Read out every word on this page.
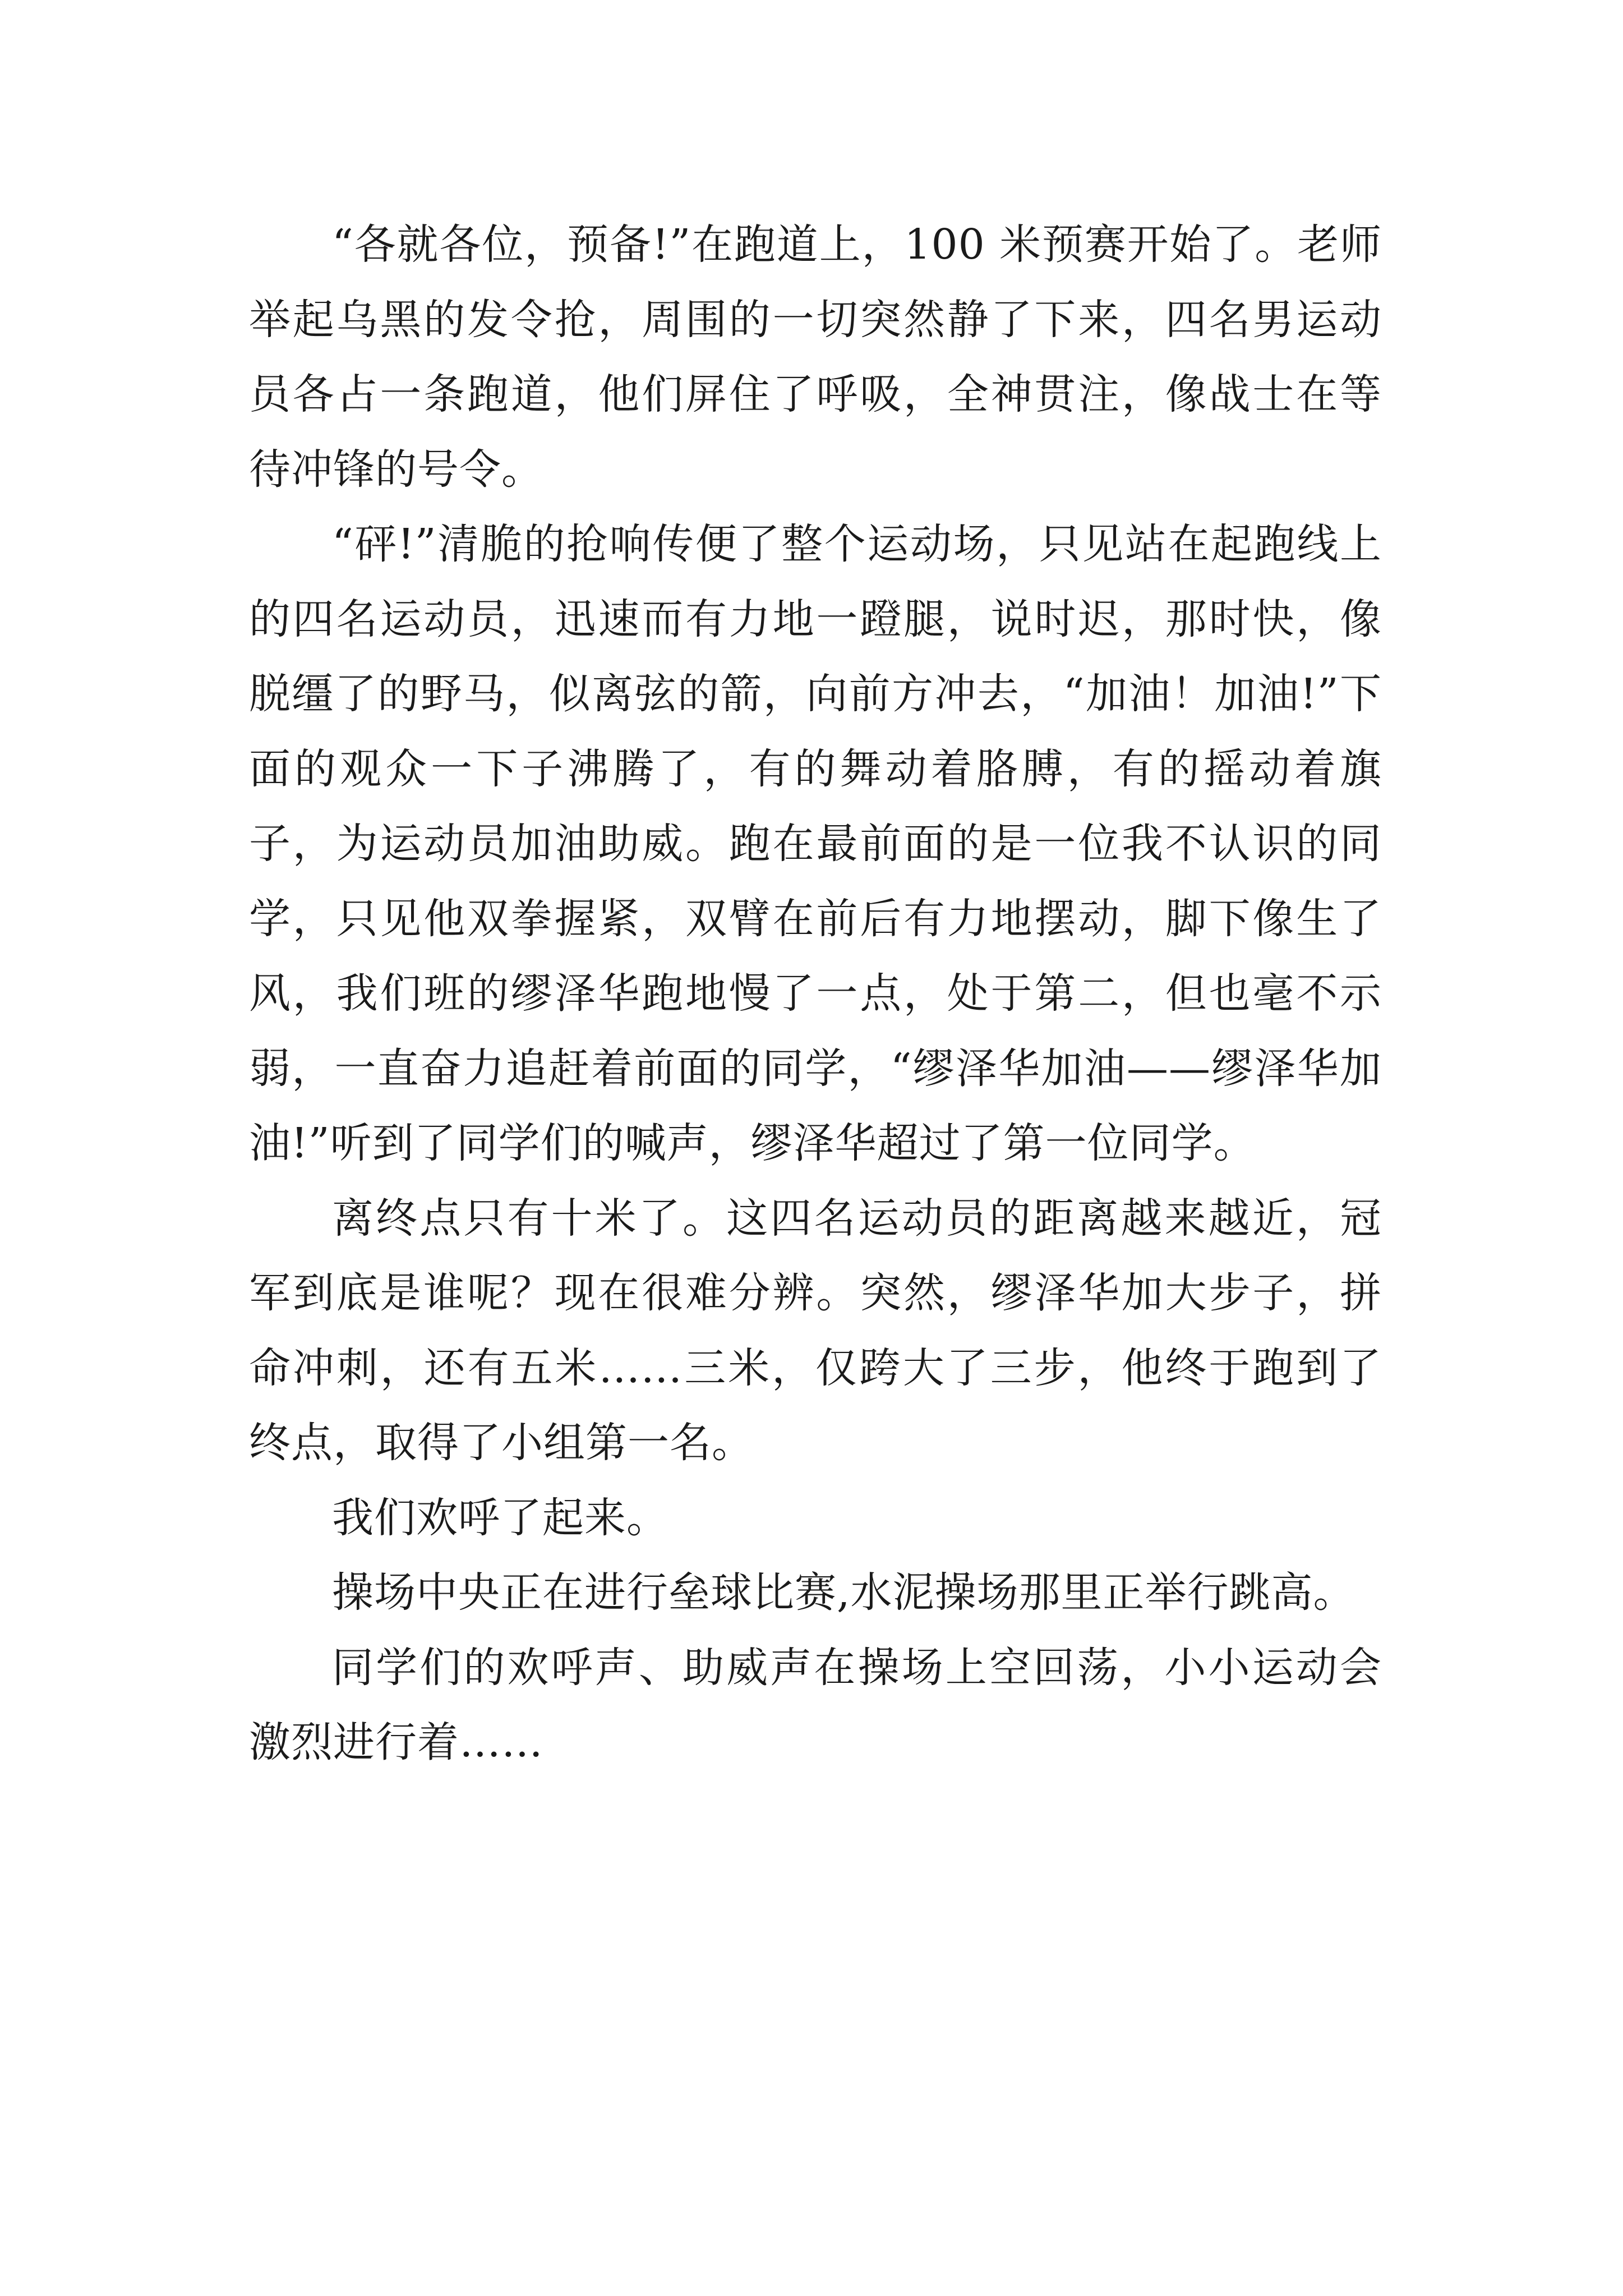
“各就各位，预备!”在跑道上，100 米预赛开始了。老师举起乌黑的发令抢，周围的一切突然静了下来，四名男运动员各占一条跑道，他们屏住了呼吸，全神贯注，像战士在等待冲锋的号令。

“砰!”清脆的抢响传便了整个运动场，只见站在起跑线上的四名运动员，迅速而有力地一蹬腿，说时迟，那时快，像脱缰了的野马，似离弦的箭，向前方冲去，“加油！加油!”下面的观众一下子沸腾了，有的舞动着胳膊，有的摇动着旗子，为运动员加油助威。跑在最前面的是一位我不认识的同学，只见他双拳握紧，双臂在前后有力地摆动，脚下像生了风，我们班的缪泽华跑地慢了一点，处于第二，但也毫不示弱，一直奋力追赶着前面的同学，“缪泽华加油——缪泽华加油!”听到了同学们的喊声，缪泽华超过了第一位同学。

离终点只有十米了。这四名运动员的距离越来越近，冠军到底是谁呢？现在很难分辨。突然，缪泽华加大步子，拼命冲刺，还有五米……三米，仅跨大了三步，他终于跑到了终点，取得了小组第一名。

我们欢呼了起来。

操场中央正在进行垒球比赛,水泥操场那里正举行跳高。

同学们的欢呼声、助威声在操场上空回荡，小小运动会激烈进行着……
